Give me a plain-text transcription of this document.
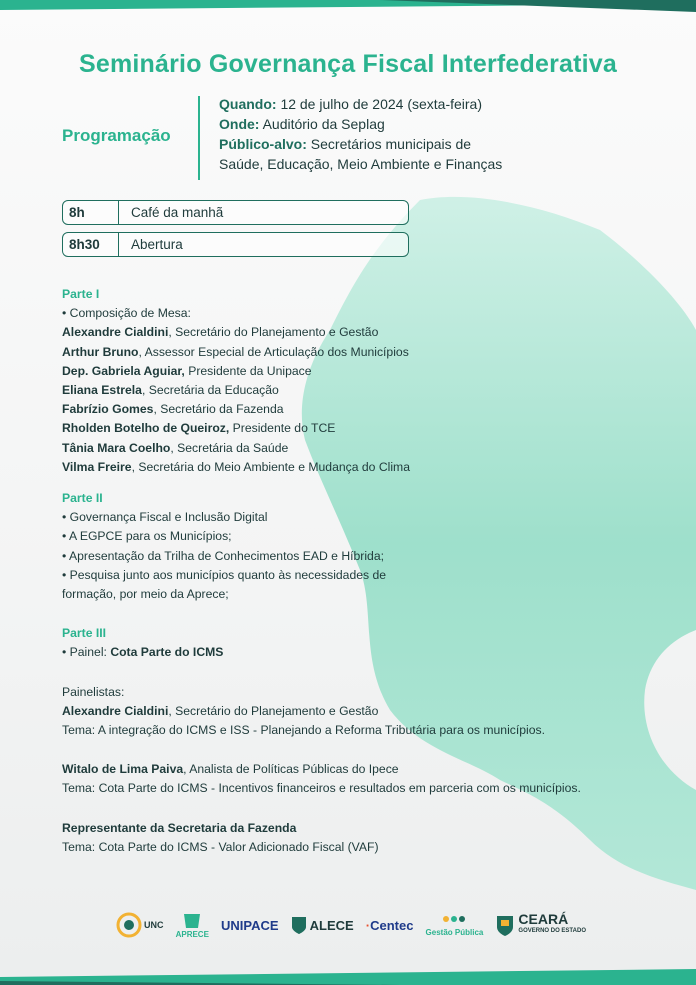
Seminário Governança Fiscal Interfederativa
Programação
Quando: 12 de julho de 2024 (sexta-feira)
Onde: Auditório da Seplag
Público-alvo: Secretários municipais de
Saúde, Educação, Meio Ambiente e Finanças
8h	Café da manhã
8h30	Abertura
Parte I
• Composição de Mesa:
Alexandre Cialdini, Secretário do Planejamento e Gestão
Arthur Bruno, Assessor Especial de Articulação dos Municípios
Dep. Gabriela Aguiar, Presidente da Unipace
Eliana Estrela, Secretária da Educação
Fabrízio Gomes, Secretário da Fazenda
Rholden Botelho de Queiroz, Presidente do TCE
Tânia Mara Coelho, Secretária da Saúde
Vilma Freire, Secretária do Meio Ambiente e Mudança do Clima
Parte II
• Governança Fiscal e Inclusão Digital
• A EGPCE para os Municípios;
• Apresentação da Trilha de Conhecimentos EAD e Híbrida;
• Pesquisa junto aos municípios quanto às necessidades de
formação, por meio da Aprece;
Parte III
• Painel: Cota Parte do ICMS
Painelistas:
Alexandre Cialdini, Secretário do Planejamento e Gestão
Tema: A integração do ICMS e ISS - Planejando a Reforma Tributária para os municípios.
Witalo de Lima Paiva, Analista de Políticas Públicas do Ipece
Tema: Cota Parte do ICMS - Incentivos financeiros e resultados em parceria com os municípios.
Representante da Secretaria da Fazenda
Tema: Cota Parte do ICMS - Valor Adicionado Fiscal (VAF)
UNC
APRECE
UNIPACE ALECE · Centec Gestão Pública
CEARÁ
GOVERNO DO ESTADO
